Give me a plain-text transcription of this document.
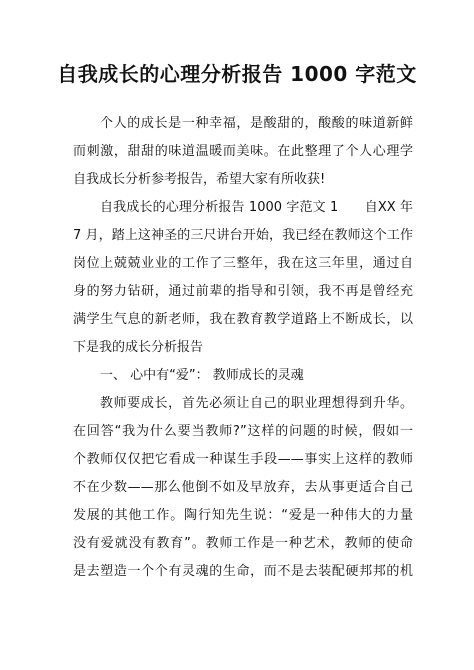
自我成长的心理分析报告 1000 字范文
个人的成长是一种幸福，是酸甜的，酸酸的味道新鲜
而刺激，甜甜的味道温暖而美味。在此整理了个人心理学
自我成长分析参考报告，希望大家有所收获!
自我成长的心理分析报告 1000 字范文 1　　自XX 年
7 月，踏上这神圣的三尺讲台开始，我已经在教师这个工作
岗位上兢兢业业的工作了三整年，我在这三年里，通过自
身的努力钻研，通过前辈的指导和引领，我不再是曾经充
满学生气息的新老师，我在教育教学道路上不断成长，以
下是我的成长分析报告
一、 心中有“爱”： 教师成长的灵魂
教师要成长，首先必须让自己的职业理想得到升华。
在回答“我为什么要当教师?”这样的问题的时候，假如一
个教师仅仅把它看成一种谋生手段——事实上这样的教师
不在少数——那么他倒不如及早放弃，去从事更适合自己
发展的其他工作。陶行知先生说：“爱是一种伟大的力量
没有爱就没有教育”。教师工作是一种艺术，教师的使命
是去塑造一个个有灵魂的生命，而不是去装配硬邦邦的机
